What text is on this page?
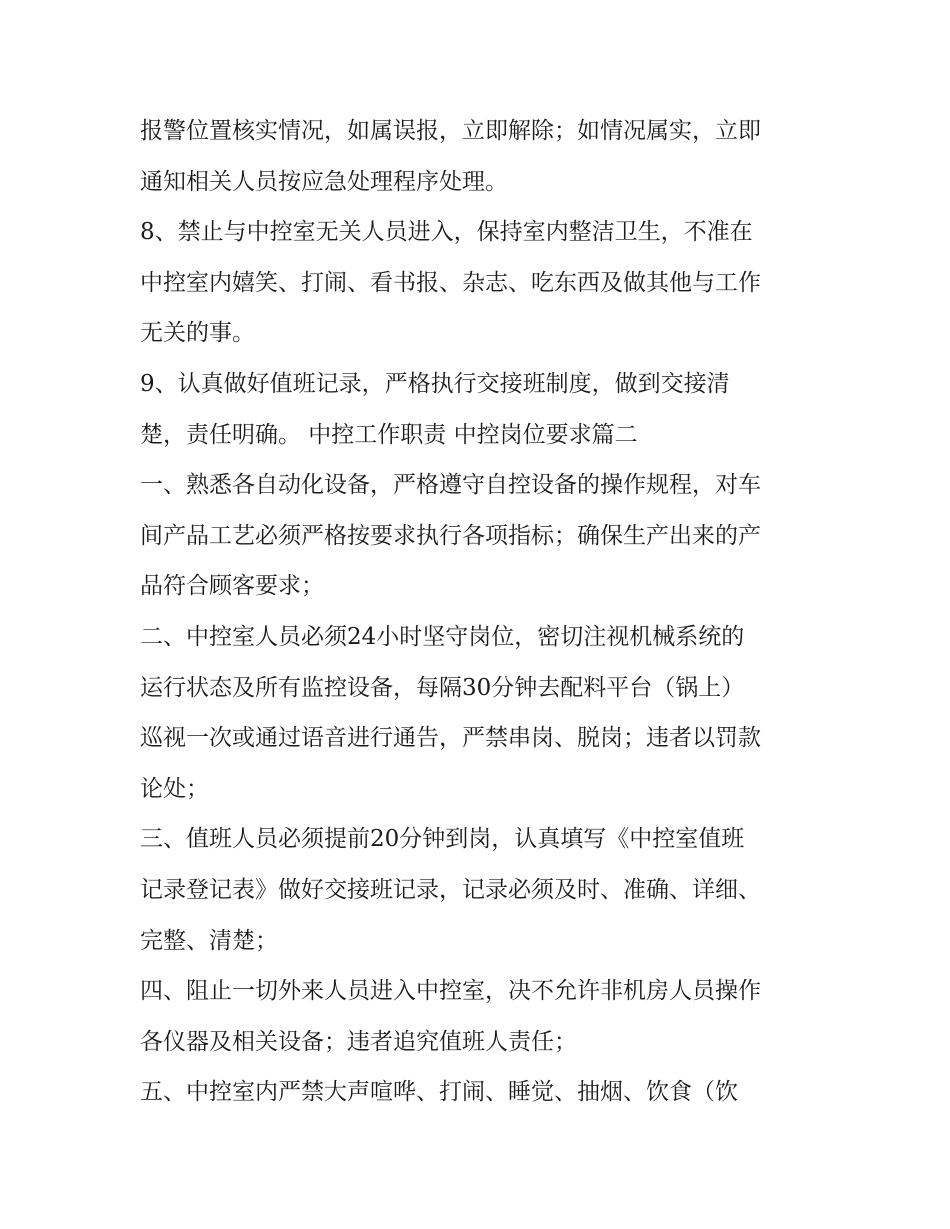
报警位置核实情况，如属误报，立即解除；如情况属实，立即
通知相关人员按应急处理程序处理。
8、禁止与中控室无关人员进入，保持室内整洁卫生，不准在
中控室内嬉笑、打闹、看书报、杂志、吃东西及做其他与工作
无关的事。
9、认真做好值班记录，严格执行交接班制度，做到交接清
楚，责任明确。 中控工作职责 中控岗位要求篇二
一、熟悉各自动化设备，严格遵守自控设备的操作规程，对车
间产品工艺必须严格按要求执行各项指标；确保生产出来的产
品符合顾客要求；
二、中控室人员必须24小时坚守岗位，密切注视机械系统的
运行状态及所有监控设备，每隔30分钟去配料平台（锅上）
巡视一次或通过语音进行通告，严禁串岗、脱岗；违者以罚款
论处；
三、值班人员必须提前20分钟到岗，认真填写《中控室值班
记录登记表》做好交接班记录，记录必须及时、准确、详细、
完整、清楚；
四、阻止一切外来人员进入中控室，决不允许非机房人员操作
各仪器及相关设备；违者追究值班人责任；
五、中控室内严禁大声喧哗、打闹、睡觉、抽烟、饮食（饮
